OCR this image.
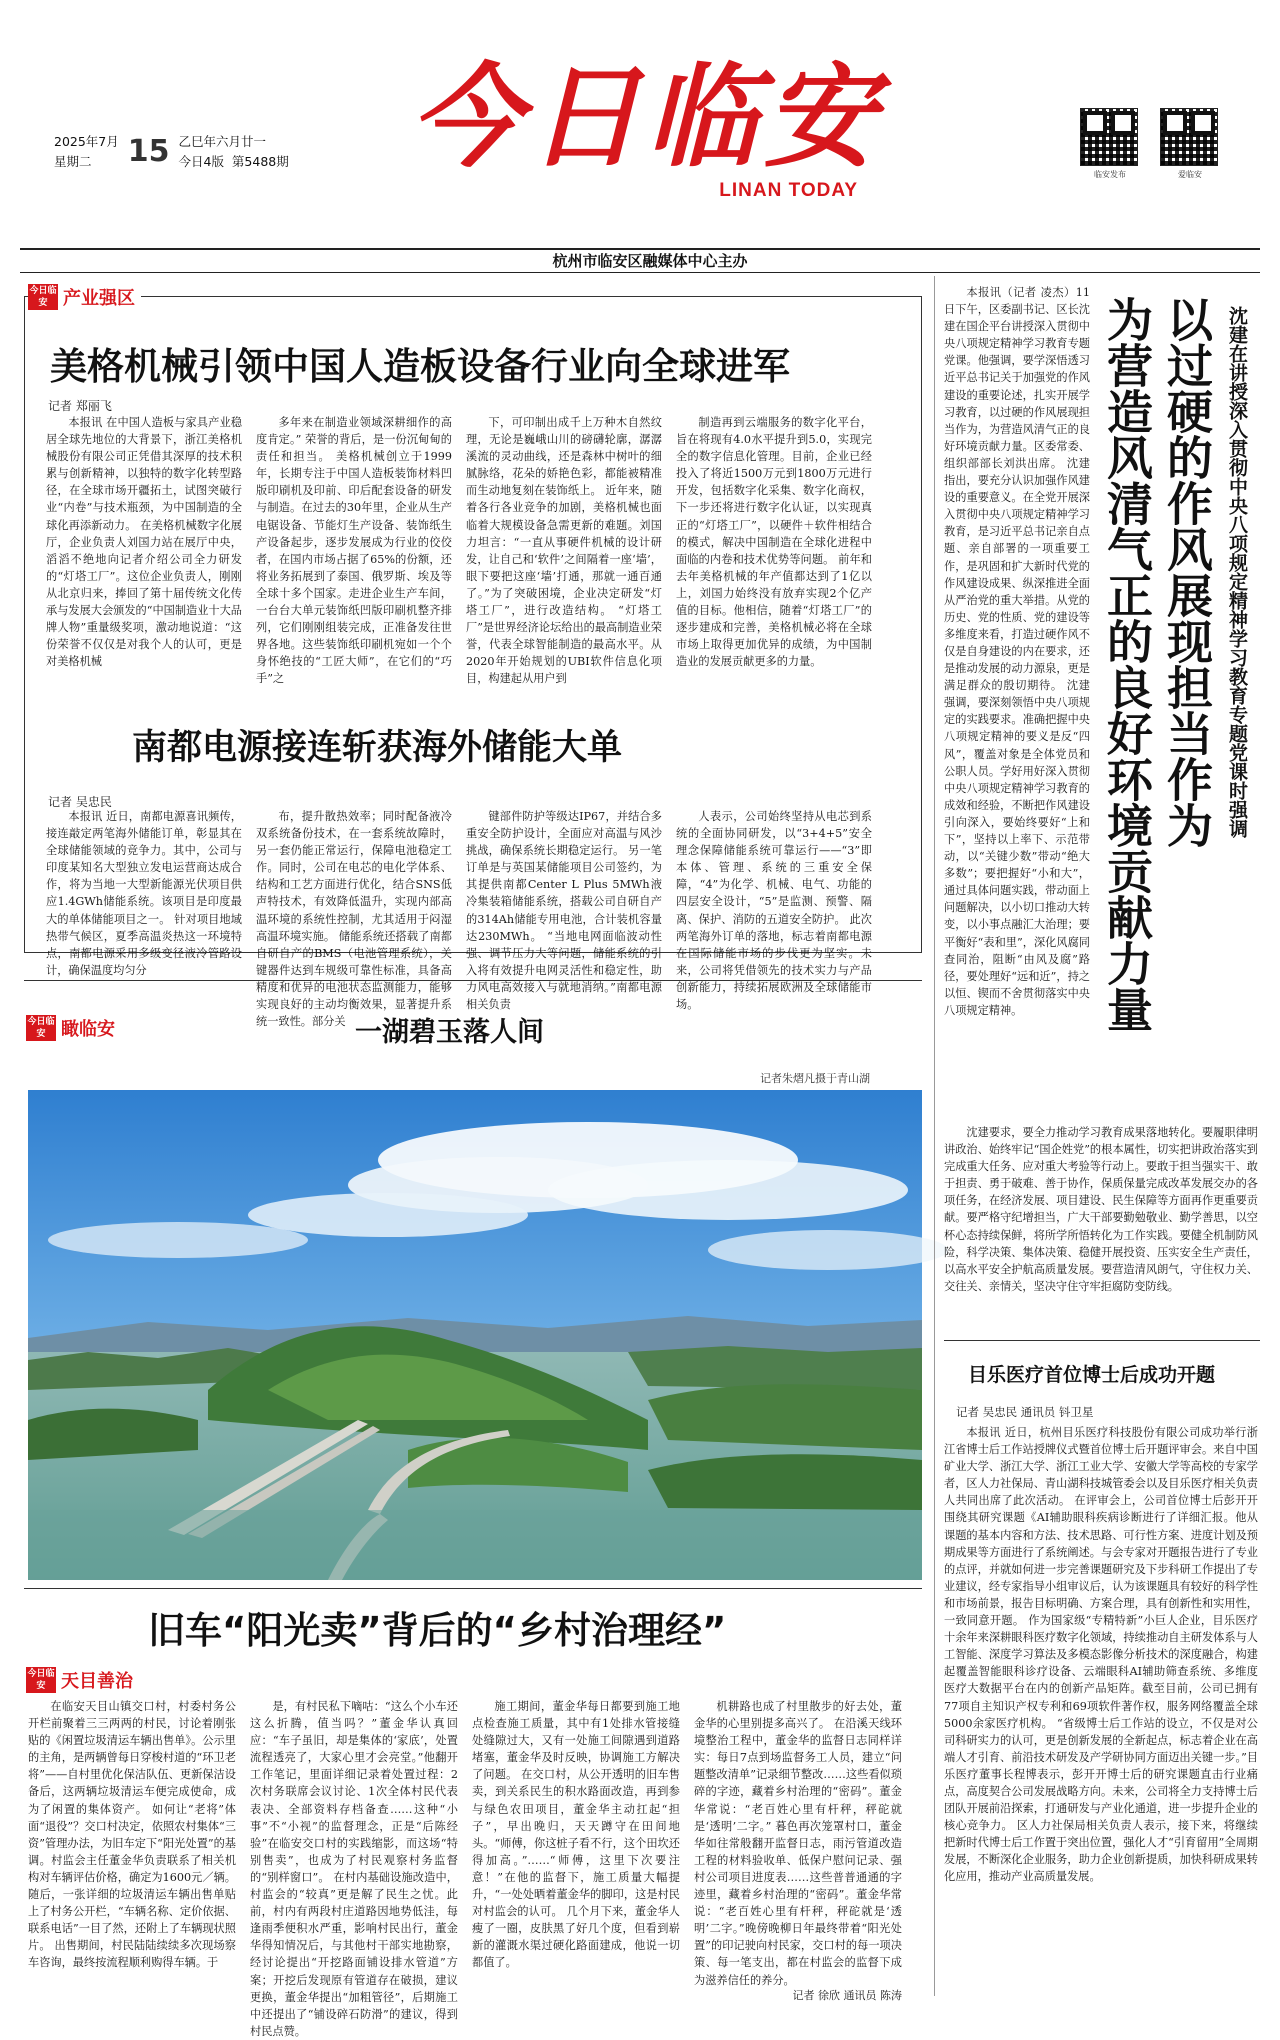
2025年7月
星期二	15 乙巳年六月廿一
今日4版 第5488期	今日临安
LINAN TODAY
临安发布	爱临安
杭州市临安区融媒体中心主办
今日临安 产业强区
美格机械引领中国人造板设备行业向全球进军
记者 郑丽飞

本报讯 在中国人造板与家具产业稳居全球先地位的大背景下，浙江美格机械股份有限公司正凭借其深厚的技术积累与创新精神，以独特的数字化转型路径，在全球市场开疆拓土，试图突破行业“内卷”与技术瓶颈，为中国制造的全球化再添新动力。 在美格机械数字化展厅，企业负责人刘国力站在展厅中央，滔滔不绝地向记者介绍公司全力研发的“灯塔工厂”。这位企业负责人，刚刚从北京归来，捧回了第十届传统文化传承与发展大会颁发的“中国制造业十大品牌人物”重量级奖项，激动地说道：“这份荣誉不仅仅是对我个人的认可，更是对美格机械

多年来在制造业领域深耕细作的高度肯定。” 荣誉的背后，是一份沉甸甸的责任和担当。 美格机械创立于1999年，长期专注于中国人造板装饰材料凹版印刷机及印前、印后配套设备的研发与制造。在过去的30年里，企业从生产电锯设备、节能灯生产设备、装饰纸生产设备起步，逐步发展成为行业的佼佼者，在国内市场占据了65%的份额，还将业务拓展到了泰国、俄罗斯、埃及等全球十多个国家。走进企业生产车间，一台台大单元装饰纸凹版印刷机整齐排列，它们刚刚组装完成，正准备发往世界各地。这些装饰纸印刷机宛如一个个身怀绝技的“工匠大师”，在它们的“巧手”之

下，可印制出成千上万种木自然纹理，无论是巍峨山川的磅礴轮廓，潺潺溪流的灵动曲线，还是森林中树叶的细腻脉络，花朵的娇艳色彩，都能被精准而生动地复刻在装饰纸上。 近年来，随着各行各业竞争的加剧，美格机械也面临着大规模设备急需更新的难题。刘国力坦言：“一直从事硬件机械的设计研发，让自己和‘软件’之间隔着一座‘墙’，眼下要把这座‘墙’打通，那就一通百通了。”为了突破困境，企业决定研发“灯塔工厂”，进行改造结构。 “灯塔工厂”是世界经济论坛给出的最高制造业荣誉，代表全球智能制造的最高水平。从2020年开始规划的UBI软件信息化项目，构建起从用户到

制造再到云端服务的数字化平台，旨在将现有4.0水平提升到5.0，实现完全的数字信息化管理。目前，企业已经投入了将近1500万元到1800万元进行开发，包括数字化采集、数字化商权，下一步还将进行数字化认证，以实现真正的“灯塔工厂”，以硬件＋软件相结合的模式，解决中国制造在全球化进程中面临的内卷和技术优势等问题。 前年和去年美格机械的年产值都达到了1亿以上，刘国力始终没有放弃实现2个亿产值的目标。他相信，随着“灯塔工厂”的逐步建成和完善，美格机械必将在全球市场上取得更加优异的成绩，为中国制造业的发展贡献更多的力量。

南都电源接连斩获海外储能大单
记者 吴忠民

本报讯 近日，南都电源喜讯频传，接连敲定两笔海外储能订单，彰显其在全球储能领域的竞争力。其中，公司与印度某知名大型独立发电运营商达成合作，将为当地一大型新能源光伏项目供应1.4GWh储能系统。该项目是印度最大的单体储能项目之一。 针对项目地域热带气候区，夏季高温炎热这一环境特点，南都电源采用多级变径液冷管路设计，确保温度均匀分

布，提升散热效率；同时配备液冷双系统备份技术，在一套系统故障时，另一套仍能正常运行，保障电池稳定工作。同时，公司在电芯的电化学体系、结构和工艺方面进行优化，结合SNS低声特技术，有效降低温升，实现内部高温环境的系统性控制，尤其适用于闷湿高温环境实施。 储能系统还搭载了南都自研自产的BMS（电池管理系统），关键器件达到车规级可靠性标准，具备高精度和优异的电池状态监测能力，能够实现良好的主动均衡效果，显著提升系统一致性。部分关

键部件防护等级达IP67，并结合多重安全防护设计，全面应对高温与风沙挑战，确保系统长期稳定运行。 另一笔订单是与英国某储能项目公司签约，为其提供南都Center L Plus 5MWh液冷集装箱储能系统，搭载公司自研自产的314Ah储能专用电池，合计装机容量达230MWh。 “当地电网面临波动性强、调节压力大等问题，储能系统的引入将有效提升电网灵活性和稳定性，助力风电高效接入与就地消纳。”南都电源相关负责

人表示，公司始终坚持从电芯到系统的全面协同研发，以“3+4+5”安全理念保障储能系统可靠运行——“3”即本体、管理、系统的三重安全保障，“4”为化学、机械、电气、功能的四层安全设计，“5”是监测、预警、隔离、保护、消防的五道安全防护。 此次两笔海外订单的落地，标志着南都电源在国际储能市场的步伐更为坚实。未来，公司将凭借领先的技术实力与产品创新能力，持续拓展欧洲及全球储能市场。

今日临安 瞰临安	一湖碧玉落人间
记者朱熠凡摄于青山湖
旧车“阳光卖”背后的“乡村治理经”
今日临安 天目善治

在临安天目山镇交口村，村委村务公开栏前聚着三三两两的村民，讨论着刚张贴的《闲置垃圾清运车辆出售单》。公示里的主角，是两辆曾每日穿梭村道的“环卫老将”——自村里优化保洁队伍、更新保洁设备后，这两辆垃圾清运车便完成使命，成为了闲置的集体资产。 如何让“老将”体面“退役”？交口村决定，依照农村集体“三资”管理办法，为旧车定下“阳光处置”的基调。村监会主任董金华负责联系了相关机构对车辆评估价格，确定为1600元／辆。随后，一张详细的垃圾清运车辆出售单贴上了村务公开栏，“车辆名称、定价依据、联系电话”一目了然，还附上了车辆现状照片。 出售期间，村民陆陆续续多次现场察车咨询，最终按流程顺利购得车辆。于

是，有村民私下嘀咕：“这么个小车还这么折腾，值当吗？”董金华认真回应：“车子虽旧，却是集体的‘家底’，处置流程透亮了，大家心里才会亮堂。”他翻开工作笔记，里面详细记录着处置过程：2次村务联席会议讨论、1次全体村民代表表决、全部资料存档备查……这种“小事”不“小视”的监督理念，正是“后陈经验”在临安交口村的实践缩影，而这场“特别售卖”，也成为了村民观察村务监督的“别样窗口”。 在村内基础设施改造中，村监会的“较真”更是解了民生之忧。此前，村内有两段村庄道路因地势低洼，每逢雨季便积水严重，影响村民出行，董金华得知情况后，与其他村干部实地勘察，经讨论提出“开挖路面铺设排水管道”方案；开挖后发现原有管道存在破损，建议更换，董金华提出“加粗管径”，后期施工中还提出了“铺设碎石防滑”的建议，得到村民点赞。

施工期间，董金华每日都要到施工地点检查施工质量，其中有1处排水管接缝处缝隙过大，又有一处施工间隙遇到道路堵塞，董金华及时反映，协调施工方解决了问题。 在交口村，从公开透明的旧车售卖，到关系民生的积水路面改造，再到参与绿色农田项目，董金华主动扛起“担子”，早出晚归，天天蹲守在田间地头。“师傅，你这桩子看不行，这个田坎还得加高。”……“师傅，这里下次要注意！”在他的监督下，施工质量大幅提升，“一处处晒着董金华的脚印，这是村民对村监会的认可。 几个月下来，董金华人瘦了一圈，皮肤黑了好几个度，但看到崭新的灌溉水渠过硬化路面建成，他说一切都值了。

机耕路也成了村里散步的好去处，董金华的心里别提多高兴了。 在沿溪天线环境整治工程中，董金华的监督日志同样详实：每日7点到场监督务工人员，建立“问题整改清单”记录细节整改……这些看似琐碎的字迹，藏着乡村治理的“密码”。董金华常说：“老百姓心里有杆秤，秤砣就是‘透明’二字。” 暮色再次笼罩村口，董金华如往常般翻开监督日志，雨污管道改造工程的材料验收单、低保户慰问记录、强村公司项目进度表……这些普普通通的字迹里，藏着乡村治理的“密码”。董金华常说：“老百姓心里有杆秤，秤砣就是‘透明’二字。”晚傍晚柳日年最终带着“阳光处置”的印记驶向村民家，交口村的每一项决策、每一笔支出，都在村监会的监督下成为滋养信任的养分。

记者 徐欣 通讯员 陈涛
沈建在讲授深入贯彻中央八项规定精神学习教育专题党课时强调
以过硬的作风展现担当作为
为营造风清气正的良好环境贡献力量

本报讯（记者 凌杰）11日下午，区委副书记、区长沈建在国企平台讲授深入贯彻中央八项规定精神学习教育专题党课。他强调，要学深悟透习近平总书记关于加强党的作风建设的重要论述，扎实开展学习教育，以过硬的作风展现担当作为，为营造风清气正的良好环境贡献力量。区委常委、组织部部长刘洪出席。 沈建指出，要充分认识加强作风建设的重要意义。在全党开展深入贯彻中央八项规定精神学习教育，是习近平总书记亲自点题、亲自部署的一项重要工作，是巩固和扩大新时代党的作风建设成果、纵深推进全面从严治党的重大举措。从党的历史、党的性质、党的建设等多维度来看，打造过硬作风不仅是自身建设的内在要求，还是推动发展的动力源泉，更是满足群众的殷切期待。 沈建强调，要深刻领悟中央八项规定的实践要求。准确把握中央八项规定精神的要义是反“四风”，覆盖对象是全体党员和公职人员。学好用好深入贯彻中央八项规定精神学习教育的成效和经验，不断把作风建设引向深入，要始终要好“上和下”，坚持以上率下、示范带动，以“关键少数”带动“绝大多数”；要把握好“小和大”，通过具体问题实践，带动面上问题解决，以小切口推动大转变，以小事点融汇大治理；要平衡好“表和里”，深化风腐同查同治，阻断“由风及腐”路径，要处理好“远和近”，持之以恒、锲而不舍贯彻落实中央八项规定精神。

沈建要求，要全力推动学习教育成果落地转化。要履职律明讲政治、始终牢记“国企姓党”的根本属性，切实把讲政治落实到完成重大任务、应对重大考验等行动上。要敢于担当强实干、敢于担责、勇于破难、善于协作，保质保量完成改革发展交办的各项任务，在经济发展、项目建设、民生保障等方面再作更重要贡献。要严格守纪增担当，广大干部要勤勉敬业、勤学善思，以空杯心态持续保鲜，将所学所悟转化为工作实践。要健全机制防风险，科学决策、集体决策、稳健开展投资、压实安全生产责任，以高水平安全护航高质量发展。要营造清风朗气，守住权力关、交往关、亲情关，坚决守住守牢拒腐防变防线。

目乐医疗首位博士后成功开题
记者 吴忠民 通讯员 钭卫星

本报讯 近日，杭州目乐医疗科技股份有限公司成功举行浙江省博士后工作站授牌仪式暨首位博士后开题评审会。来自中国矿业大学、浙江大学、浙江工业大学、安徽大学等高校的专家学者，区人力社保局、青山湖科技城管委会以及目乐医疗相关负责人共同出席了此次活动。 在评审会上，公司首位博士后彭开开围绕其研究课题《AI辅助眼科疾病诊断进行了详细汇报。他从课题的基本内容和方法、技术思路、可行性方案、进度计划及预期成果等方面进行了系统阐述。与会专家对开题报告进行了专业的点评，并就如何进一步完善课题研究及下步科研工作提出了专业建议，经专家指导小组审议后，认为该课题具有较好的科学性和市场前景，报告目标明确、方案合理，具有创新性和实用性，一致同意开题。 作为国家级“专精特新”小巨人企业，目乐医疗十余年来深耕眼科医疗数字化领域，持续推动自主研发体系与人工智能、深度学习算法及多模态影像分析技术的深度融合，构建起覆盖智能眼科诊疗设备、云端眼科AI辅助筛查系统、多维度医疗大数据平台在内的创新产品矩阵。截至目前，公司已拥有77项自主知识产权专利和69项软件著作权，服务网络覆盖全球5000余家医疗机构。 “省级博士后工作站的设立，不仅是对公司科研实力的认可，更是创新发展的全新起点，标志着企业在高端人才引育、前沿技术研发及产学研协同方面迈出关键一步。”目乐医疗董事长程博表示，彭开开博士后的研究课题直击行业痛点，高度契合公司发展战略方向。未来，公司将全力支持博士后团队开展前沿探索，打通研发与产业化通道，进一步提升企业的核心竞争力。 区人力社保局相关负责人表示，接下来，将继续把新时代博士后工作置于突出位置，强化人才“引育留用”全周期发展，不断深化企业服务，助力企业创新提质，加快科研成果转化应用，推动产业高质量发展。
